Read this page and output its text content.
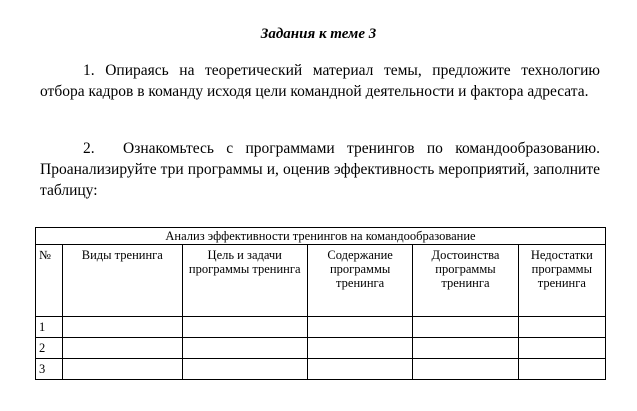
Задания к теме 3
1. Опираясь на теоретический материал темы, предложите технологию отбора кадров в команду исходя цели командной деятельности и фактора адресата.
2. Ознакомьтесь с программами тренингов по командообразованию. Проанализируйте три программы и, оценив эффективность мероприятий, заполните таблицу:
Анализ эффективности тренингов на командообразование					
№	Виды тренинга	Цель и задачи программы тренинга	Содержание программы тренинга	Достоинства программы тренинга	Недостатки программы тренинга
1					
2					
3					
